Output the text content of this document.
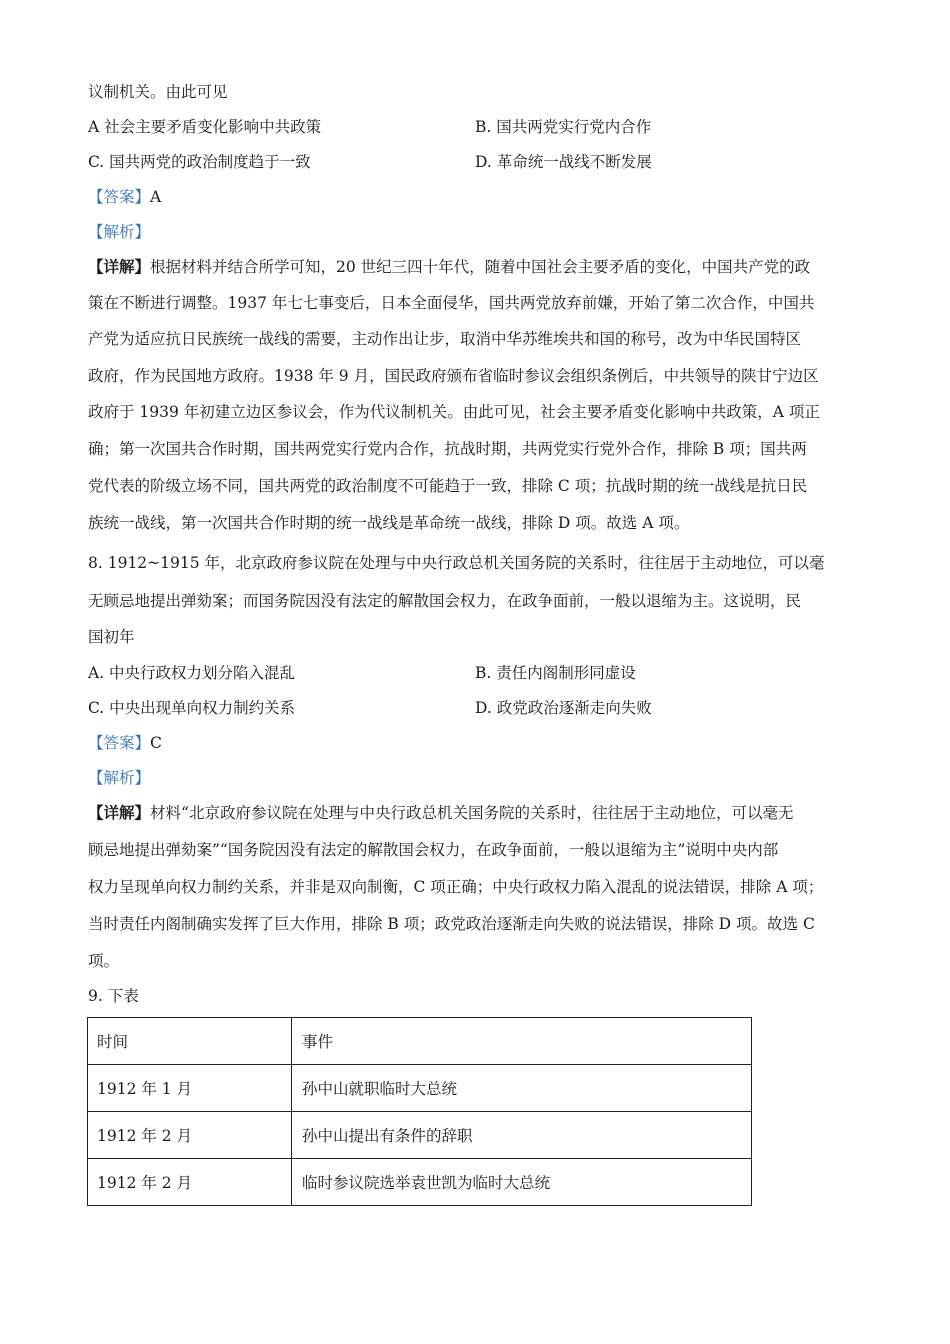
议制机关。由此可见
A 社会主要矛盾变化影响中共政策	B. 国共两党实行党内合作
C. 国共两党的政治制度趋于一致	D. 革命统一战线不断发展
【答案】A
【解析】
【详解】根据材料并结合所学可知，20 世纪三四十年代，随着中国社会主要矛盾的变化，中国共产党的政
策在不断进行调整。1937 年七七事变后，日本全面侵华，国共两党放弃前嫌，开始了第二次合作，中国共
产党为适应抗日民族统一战线的需要，主动作出让步，取消中华苏维埃共和国的称号，改为中华民国特区
政府，作为民国地方政府。1938 年 9 月，国民政府颁布省临时参议会组织条例后，中共领导的陕甘宁边区
政府于 1939 年初建立边区参议会，作为代议制机关。由此可见，社会主要矛盾变化影响中共政策，A 项正
确；第一次国共合作时期，国共两党实行党内合作，抗战时期，共两党实行党外合作，排除 B 项；国共两
党代表的阶级立场不同，国共两党的政治制度不可能趋于一致，排除 C 项；抗战时期的统一战线是抗日民
族统一战线，第一次国共合作时期的统一战线是革命统一战线，排除 D 项。故选 A 项。
8. 1912~1915 年，北京政府参议院在处理与中央行政总机关国务院的关系时，往往居于主动地位，可以毫
无顾忌地提出弹劾案；而国务院因没有法定的解散国会权力，在政争面前，一般以退缩为主。这说明，民
国初年
A. 中央行政权力划分陷入混乱	B. 责任内阁制形同虚设
C. 中央出现单向权力制约关系	D. 政党政治逐渐走向失败
【答案】C
【解析】
【详解】材料“北京政府参议院在处理与中央行政总机关国务院的关系时，往往居于主动地位，可以毫无
顾忌地提出弹劾案”“国务院因没有法定的解散国会权力，在政争面前，一般以退缩为主”说明中央内部
权力呈现单向权力制约关系，并非是双向制衡，C 项正确；中央行政权力陷入混乱的说法错误，排除 A 项；
当时责任内阁制确实发挥了巨大作用，排除 B 项；政党政治逐渐走向失败的说法错误，排除 D 项。故选 C
项。
9. 下表
时间	事件
1912 年 1 月	孙中山就职临时大总统
1912 年 2 月	孙中山提出有条件的辞职
1912 年 2 月	临时参议院选举袁世凯为临时大总统
